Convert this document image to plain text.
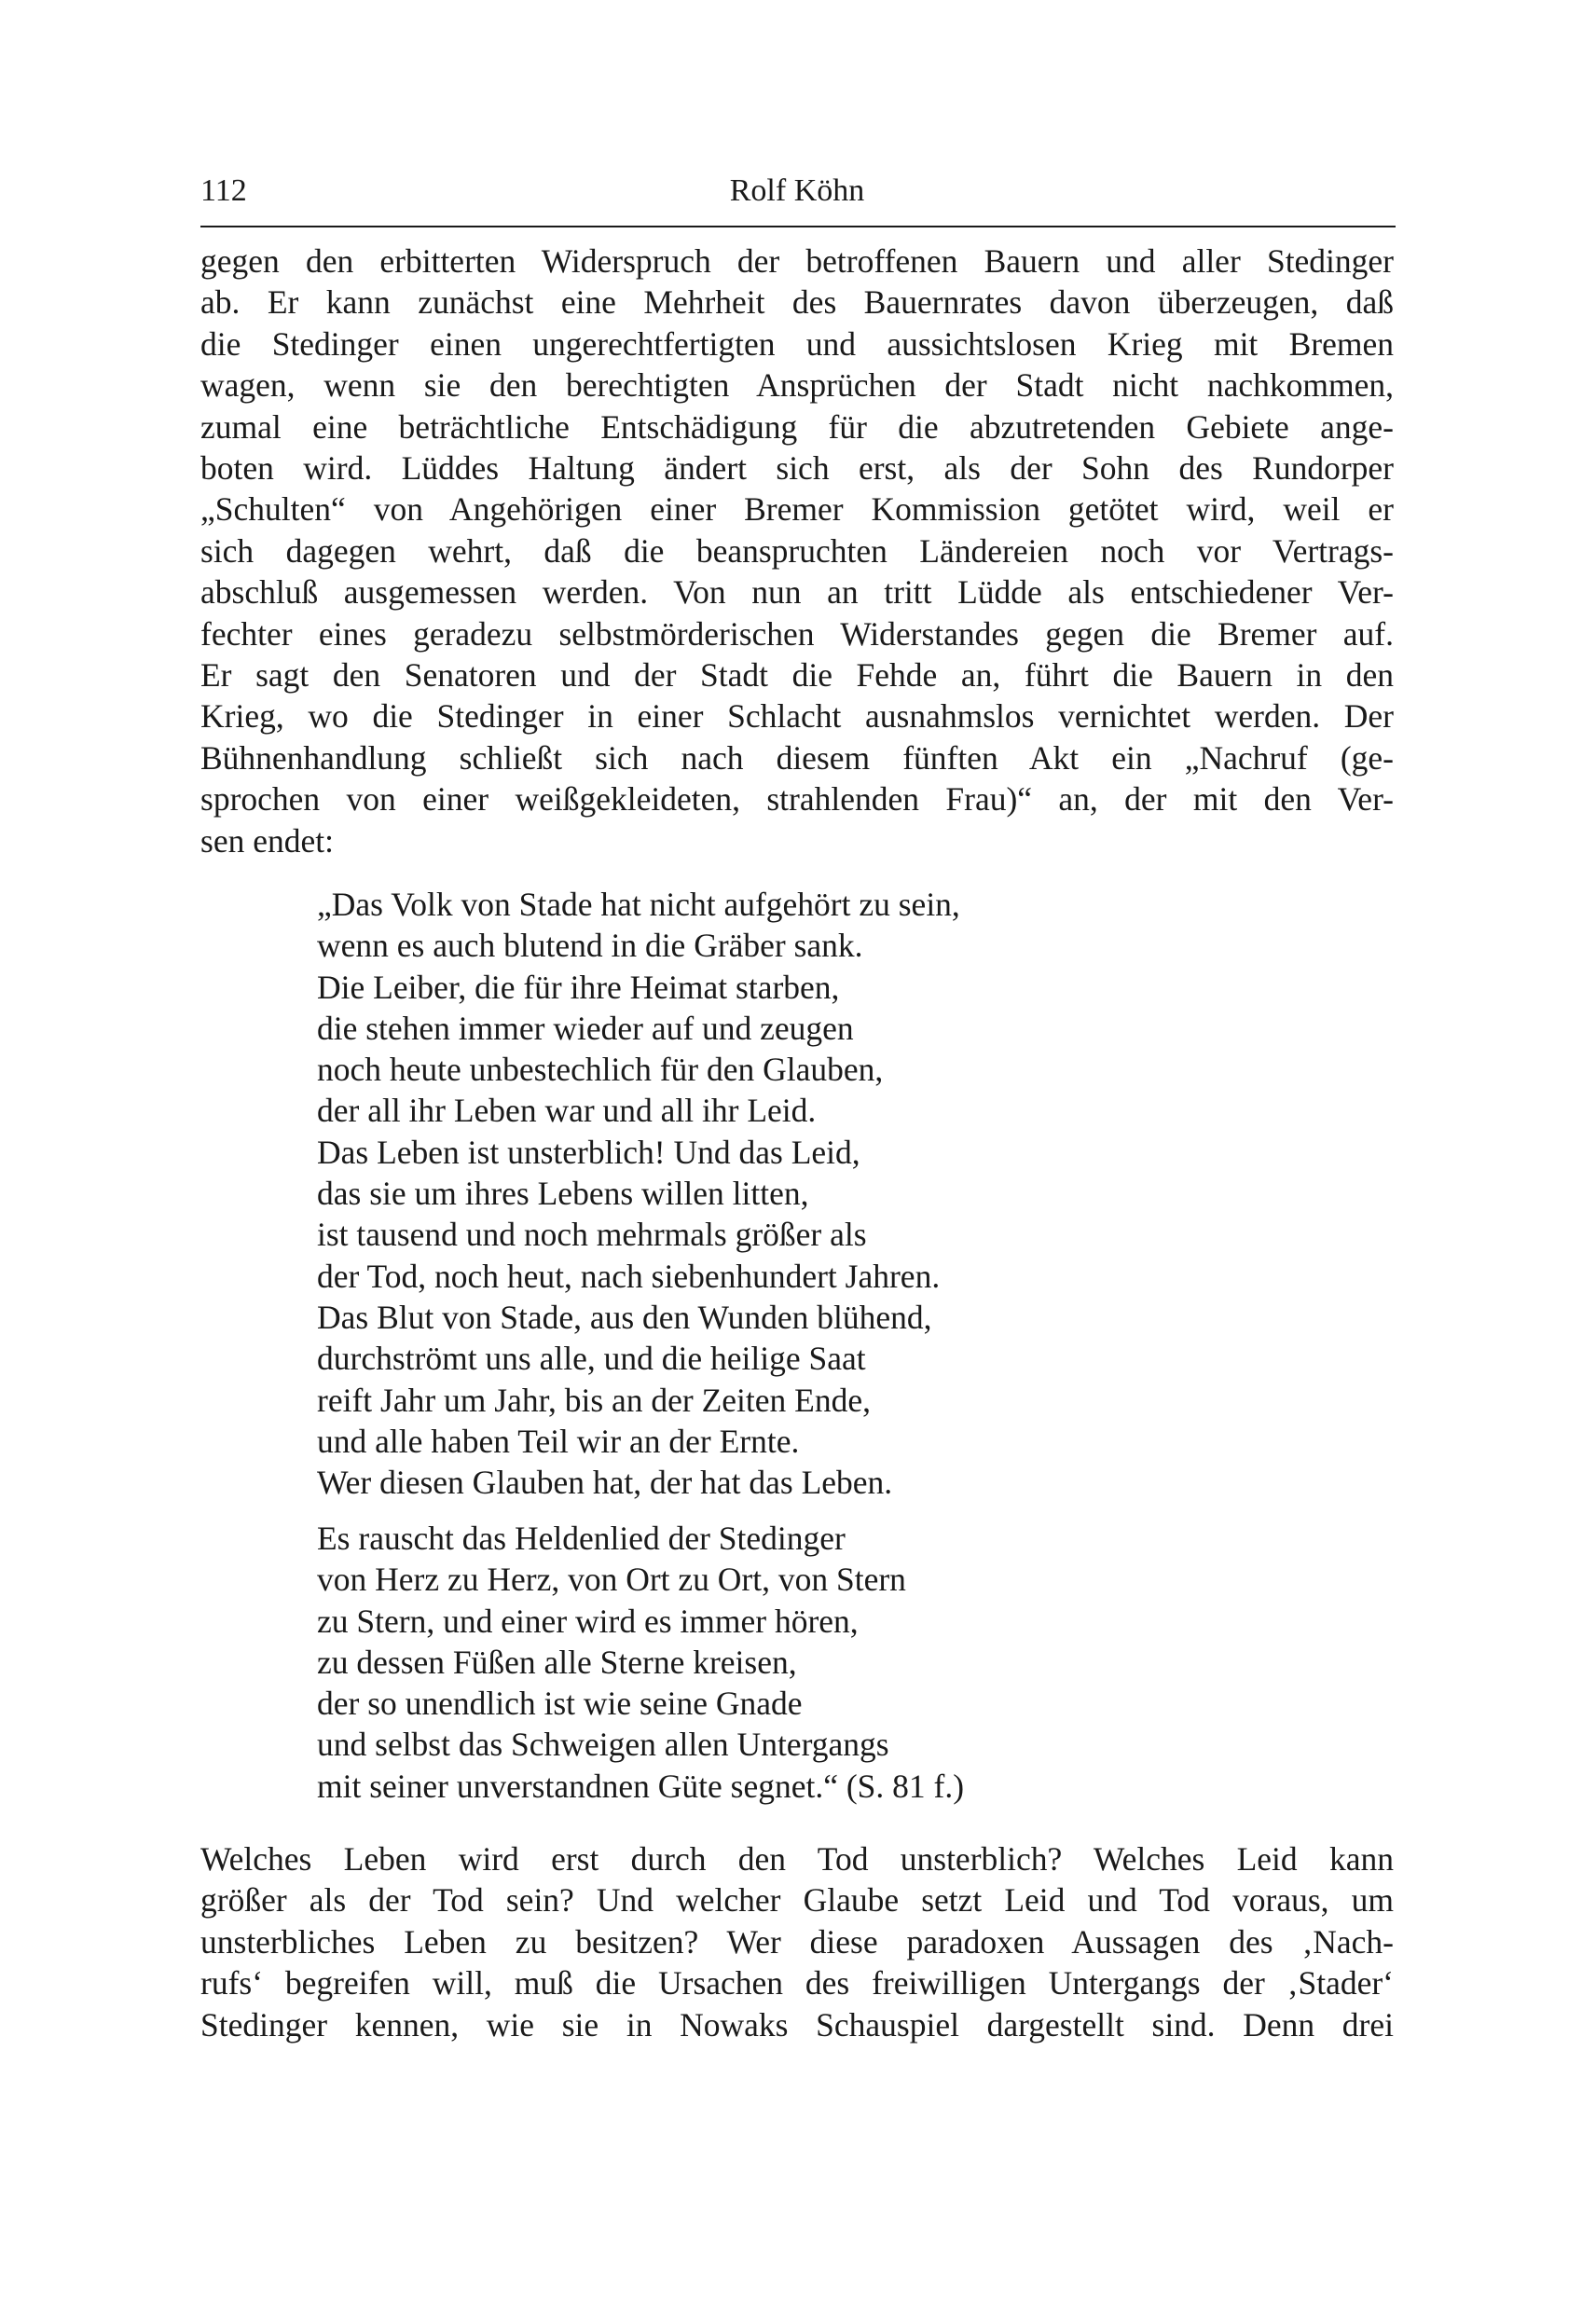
112	Rolf Köhn
gegen den erbitterten Widerspruch der betroffenen Bauern und aller Stedinger
ab. Er kann zunächst eine Mehrheit des Bauernrates davon überzeugen, daß
die Stedinger einen ungerechtfertigten und aussichtslosen Krieg mit Bremen
wagen, wenn sie den berechtigten Ansprüchen der Stadt nicht nachkommen,
zumal eine beträchtliche Entschädigung für die abzutretenden Gebiete ange-
boten wird. Lüddes Haltung ändert sich erst, als der Sohn des Rundorper
„Schulten“ von Angehörigen einer Bremer Kommission getötet wird, weil er
sich dagegen wehrt, daß die beanspruchten Ländereien noch vor Vertrags-
abschluß ausgemessen werden. Von nun an tritt Lüdde als entschiedener Ver-
fechter eines geradezu selbstmörderischen Widerstandes gegen die Bremer auf.
Er sagt den Senatoren und der Stadt die Fehde an, führt die Bauern in den
Krieg, wo die Stedinger in einer Schlacht ausnahmslos vernichtet werden. Der
Bühnenhandlung schließt sich nach diesem fünften Akt ein „Nachruf (ge-
sprochen von einer weißgekleideten, strahlenden Frau)“ an, der mit den Ver-
sen endet:
„Das Volk von Stade hat nicht aufgehört zu sein,
wenn es auch blutend in die Gräber sank.
Die Leiber, die für ihre Heimat starben,
die stehen immer wieder auf und zeugen
noch heute unbestechlich für den Glauben,
der all ihr Leben war und all ihr Leid.
Das Leben ist unsterblich! Und das Leid,
das sie um ihres Lebens willen litten,
ist tausend und noch mehrmals größer als
der Tod, noch heut, nach siebenhundert Jahren.
Das Blut von Stade, aus den Wunden blühend,
durchströmt uns alle, und die heilige Saat
reift Jahr um Jahr, bis an der Zeiten Ende,
und alle haben Teil wir an der Ernte.
Wer diesen Glauben hat, der hat das Leben.
Es rauscht das Heldenlied der Stedinger
von Herz zu Herz, von Ort zu Ort, von Stern
zu Stern, und einer wird es immer hören,
zu dessen Füßen alle Sterne kreisen,
der so unendlich ist wie seine Gnade
und selbst das Schweigen allen Untergangs
mit seiner unverstandnen Güte segnet.“ (S. 81 f.)
Welches Leben wird erst durch den Tod unsterblich? Welches Leid kann
größer als der Tod sein? Und welcher Glaube setzt Leid und Tod voraus, um
unsterbliches Leben zu besitzen? Wer diese paradoxen Aussagen des ‚Nach-
rufs‘ begreifen will, muß die Ursachen des freiwilligen Untergangs der ‚Stader‘
Stedinger kennen, wie sie in Nowaks Schauspiel dargestellt sind. Denn drei
